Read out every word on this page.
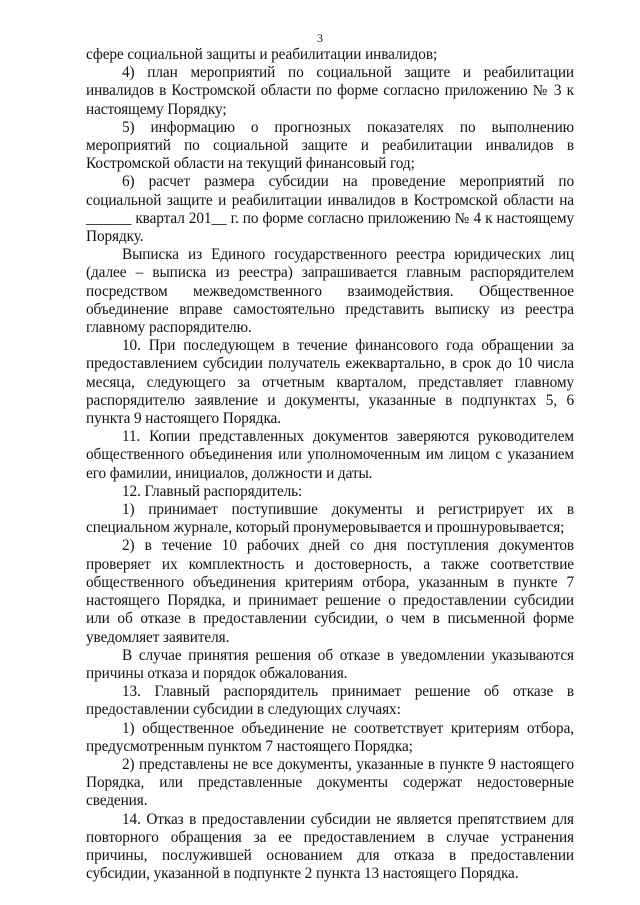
3

сфере социальной защиты и реабилитации инвалидов;

4) план мероприятий по социальной защите и реабилитации инвалидов в Костромской области по форме согласно приложению № 3 к настоящему Порядку;

5) информацию о прогнозных показателях по выполнению мероприятий по социальной защите и реабилитации инвалидов в Костромской области на текущий финансовый год;

6) расчет размера субсидии на проведение мероприятий по социальной защите и реабилитации инвалидов в Костромской области на ______ квартал 201__ г. по форме согласно приложению № 4 к настоящему Порядку.

Выписка из Единого государственного реестра юридических лиц (далее – выписка из реестра) запрашивается главным распорядителем посредством межведомственного взаимодействия. Общественное объединение вправе самостоятельно представить выписку из реестра главному распорядителю.

10. При последующем в течение финансового года обращении за предоставлением субсидии получатель ежеквартально, в срок до 10 числа месяца, следующего за отчетным кварталом, представляет главному распорядителю заявление и документы, указанные в подпунктах 5, 6 пункта 9 настоящего Порядка.

11. Копии представленных документов заверяются руководителем общественного объединения или уполномоченным им лицом с указанием его фамилии, инициалов, должности и даты.

12. Главный распорядитель:

1) принимает поступившие документы и регистрирует их в специальном журнале, который пронумеровывается и прошнуровывается;

2) в течение 10 рабочих дней со дня поступления документов проверяет их комплектность и достоверность, а также соответствие общественного объединения критериям отбора, указанным в пункте 7 настоящего Порядка, и принимает решение о предоставлении субсидии или об отказе в предоставлении субсидии, о чем в письменной форме уведомляет заявителя.

В случае принятия решения об отказе в уведомлении указываются причины отказа и порядок обжалования.

13. Главный распорядитель принимает решение об отказе в предоставлении субсидии в следующих случаях:

1) общественное объединение не соответствует критериям отбора, предусмотренным пунктом 7 настоящего Порядка;

2) представлены не все документы, указанные в пункте 9 настоящего Порядка, или представленные документы содержат недостоверные сведения.

14. Отказ в предоставлении субсидии не является препятствием для повторного обращения за ее предоставлением в случае устранения причины, послужившей основанием для отказа в предоставлении субсидии, указанной в подпункте 2 пункта 13 настоящего Порядка.
